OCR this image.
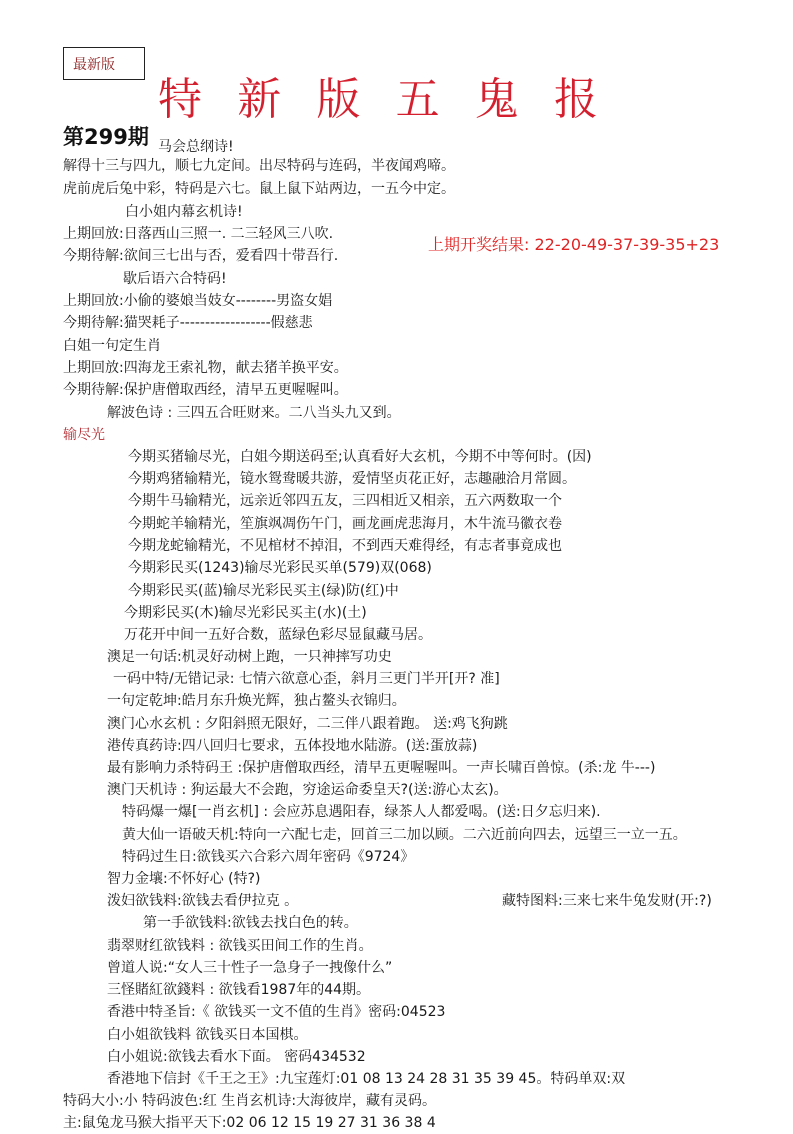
最新版
特 新 版 五 鬼 报
第299期
上期开奖结果: 22-20-49-37-39-35+23
马会总纲诗!
解得十三与四九，顺七九定间。出尽特码与连码，半夜闻鸡啼。
虎前虎后兔中彩，特码是六七。鼠上鼠下站两边，一五今中定。
白小姐内幕玄机诗!
上期回放:日落西山三照一. 二三轻风三八吹.
今期待解:欲间三七出与否，爱看四十带吾行.
歇后语六合特码!
上期回放:小偷的婆娘当妓女--------男盗女娼
今期待解:猫哭耗子------------------假慈悲
白姐一句定生肖
上期回放:四海龙王索礼物，献去猪羊换平安。
今期待解:保护唐僧取西经，清早五更喔喔叫。
解波色诗 : 三四五合旺财来。二八当头九又到。
输尽光
今期买猪输尽光，白姐今期送码至;认真看好大玄机，今期不中等何时。(因)
今期鸡猪输精光，镜水鸳鸯暖共游，爱情坚贞花正好，志趣融洽月常圆。
今期牛马输精光，远亲近邻四五友，三四相近又相亲，五六两数取一个
今期蛇羊输精光，笙旗飒凋伤午门，画龙画虎悲海月，木牛流马徽衣卷
今期龙蛇输精光，不见棺材不掉泪，不到西天难得经，有志者事竟成也
今期彩民买(1243)输尽光彩民买单(579)双(068)
今期彩民买(蓝)输尽光彩民买主(绿)防(红)中
今期彩民买(木)输尽光彩民买主(水)(土)
万花开中间一五好合数，蓝绿色彩尽显鼠藏马居。
澳足一句话:机灵好动树上跑，一只神摔写功史
一码中特/无错记录: 七情六欲意心歪，斜月三更门半开[开? 准]
一句定乾坤:皓月东升焕光辉，独占鳌头衣锦归。
澳门心水玄机 : 夕阳斜照无限好，二三伴八跟着跑。 送:鸡飞狗跳
港传真药诗:四八回归七要求，五体投地水陆游。(送:蛋放蒜)
最有影响力杀特码王 :保护唐僧取西经，清早五更喔喔叫。一声长啸百兽惊。(杀:龙 牛---)
澳门天机诗 : 狗运最大不会跑，穷途运命委皇天?(送:游心太玄)。
特码爆一爆[一肖玄机] : 会应苏息遇阳春，绿茶人人都爱喝。(送:日夕忘归来).
黄大仙一语破天机:特向一六配七走，回首三二加以顾。二六近前向四去，远望三一立一五。
特码过生日:欲钱买六合彩六周年密码《9724》
智力金壤:不怀好心 (特?)
泼妇欲钱料:欲钱去看伊拉克 。	藏特图料:三来七来牛兔发财(开:?)
第一手欲钱料:欲钱去找白色的转。
翡翠财红欲钱料 : 欲钱买田间工作的生肖。
曾道人说:“女人三十性子一急身子一拽像什么”
三怪賭紅欲錢料 : 欲钱看1987年的44期。
香港中特圣旨:《 欲钱买一文不值的生肖》密码:04523
白小姐欲钱料 欲钱买日本国棋。
白小姐说:欲钱去看水下面。 密码434532
香港地下信封《千王之王》:九宝莲灯:01 08 13 24 28 31 35 39 45。特码单双:双
特码大小:小 特码波色:红 生肖玄机诗:大海彼岸，藏有灵码。
主:鼠兔龙马猴大指平天下:02 06 12 15 19 27 31 36 38 4
